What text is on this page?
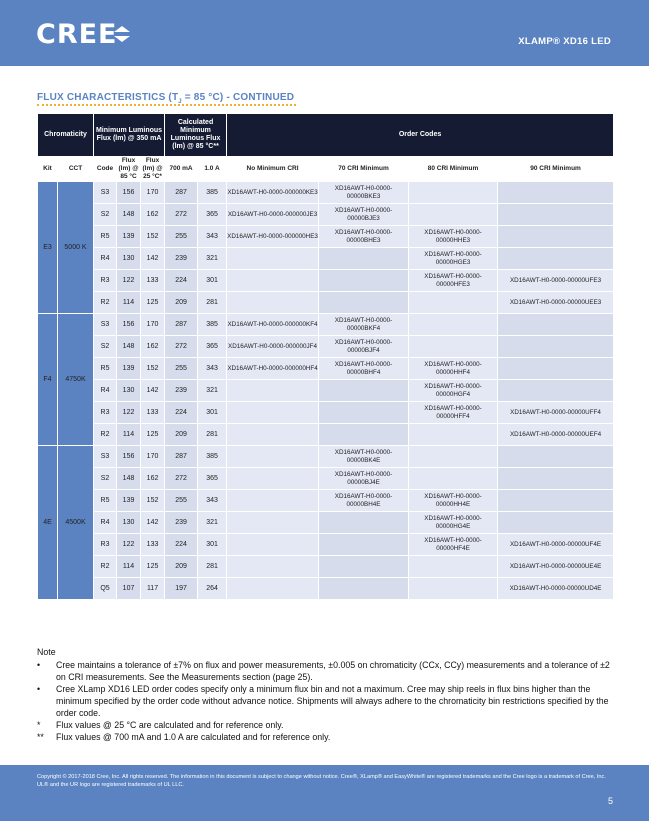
CREE	XLAMP® XD16 LED
FLUX CHARACTERISTICS ($T_J = 85$ °C) - CONTINUED
Chromaticity		Minimum Luminous Flux (lm) @ 350 mA			Calculated Minimum Luminous Flux (lm) @ 85 °C**		Order Codes			
Kit	CCT	Code	Flux (lm) @ 85 °C	Flux (lm) @ 25 °C*	700 mA	1.0 A	No Minimum CRI	70 CRI Minimum	80 CRI Minimum	90 CRI Minimum
E3	5000 K	S3	156	170	287	385	XD16AWT-H0-0000-000000KE3	XD16AWT-H0-0000-00000BKE3		
		S2	148	162	272	365	XD16AWT-H0-0000-000000JE3	XD16AWT-H0-0000-00000BJE3		
		R5	139	152	255	343	XD16AWT-H0-0000-000000HE3	XD16AWT-H0-0000-00000BHE3	XD16AWT-H0-0000-00000HHE3	
		R4	130	142	239	321			XD16AWT-H0-0000-00000HGE3	
		R3	122	133	224	301			XD16AWT-H0-0000-00000HFE3	XD16AWT-H0-0000-00000UFE3
		R2	114	125	209	281				XD16AWT-H0-0000-00000UEE3
F4	4750K	S3	156	170	287	385	XD16AWT-H0-0000-000000KF4	XD16AWT-H0-0000-00000BKF4		
		S2	148	162	272	365	XD16AWT-H0-0000-000000JF4	XD16AWT-H0-0000-00000BJF4		
		R5	139	152	255	343	XD16AWT-H0-0000-000000HF4	XD16AWT-H0-0000-00000BHF4	XD16AWT-H0-0000-00000HHF4	
		R4	130	142	239	321			XD16AWT-H0-0000-00000HGF4	
		R3	122	133	224	301			XD16AWT-H0-0000-00000HFF4	XD16AWT-H0-0000-00000UFF4
		R2	114	125	209	281				XD16AWT-H0-0000-00000UEF4
4E	4500K	S3	156	170	287	385		XD16AWT-H0-0000-00000BK4E		
		S2	148	162	272	365		XD16AWT-H0-0000-00000BJ4E		
		R5	139	152	255	343		XD16AWT-H0-0000-00000BH4E	XD16AWT-H0-0000-00000HH4E	
		R4	130	142	239	321			XD16AWT-H0-0000-00000HG4E	
		R3	122	133	224	301			XD16AWT-H0-0000-00000HF4E	XD16AWT-H0-0000-00000UF4E
		R2	114	125	209	281				XD16AWT-H0-0000-00000UE4E
		Q5	107	117	197	264				XD16AWT-H0-0000-00000UD4E
Note
• Cree maintains a tolerance of ±7% on flux and power measurements, ±0.005 on chromaticity (CCx, CCy) measurements and a tolerance of ±2 on CRI measurements. See the Measurements section (page 25).
• Cree XLamp XD16 LED order codes specify only a minimum flux bin and not a maximum. Cree may ship reels in flux bins higher than the minimum specified by the order code without advance notice. Shipments will always adhere to the chromaticity bin restrictions specified by the order code.
* Flux values @ 25 °C are calculated and for reference only.
** Flux values @ 700 mA and 1.0 A are calculated and for reference only.
Copyright © 2017-2018 Cree, Inc. All rights reserved. The information in this document is subject to change without notice. Cree®, XLamp® and EasyWhite® are registered trademarks and the Cree logo is a trademark of Cree, Inc. UL® and the UR logo are registered trademarks of UL LLC.
5
